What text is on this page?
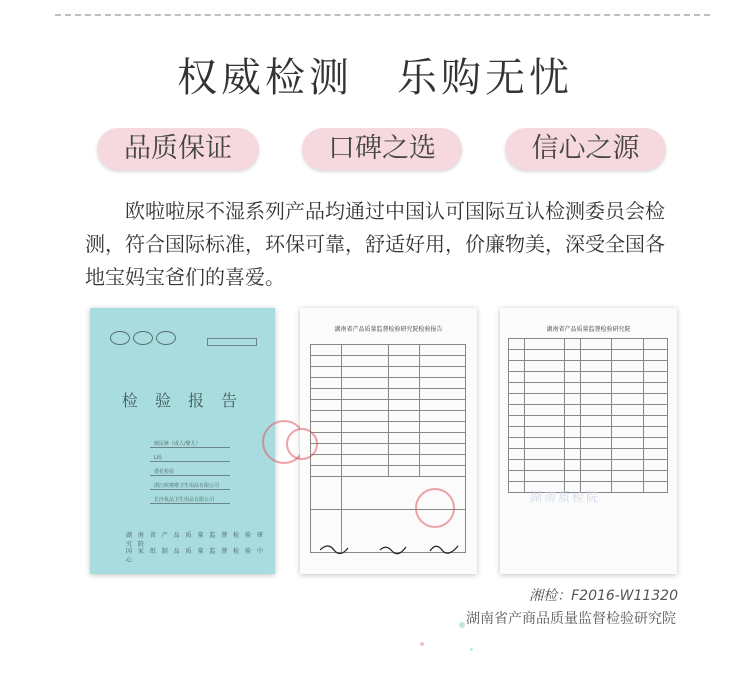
权威检测　乐购无忧
品质保证	口碑之选	信心之源
欧啦啦尿不湿系列产品均通过中国认可国际互认检测委员会检测，符合国际标准，环保可靠，舒适好用，价廉物美，深受全国各地宝妈宝爸们的喜爱。
检 验 报 告
纸尿裤（成人/婴儿）
L码
委托检验
浙江欧啦啦卫生用品有限公司
长沙优品卫生用品有限公司
湖 南 省 产 品 质 量 监 督 检 验 研 究 院
国 家 纸 制 品 质 量 监 督 检 验 中 心
湖南省产品质量监督检验研究院检验报告

		湖南省产品质量监督检验研究院

湖南质检院
湘检：F2016-W11320
湖南省产商品质量监督检验研究院
